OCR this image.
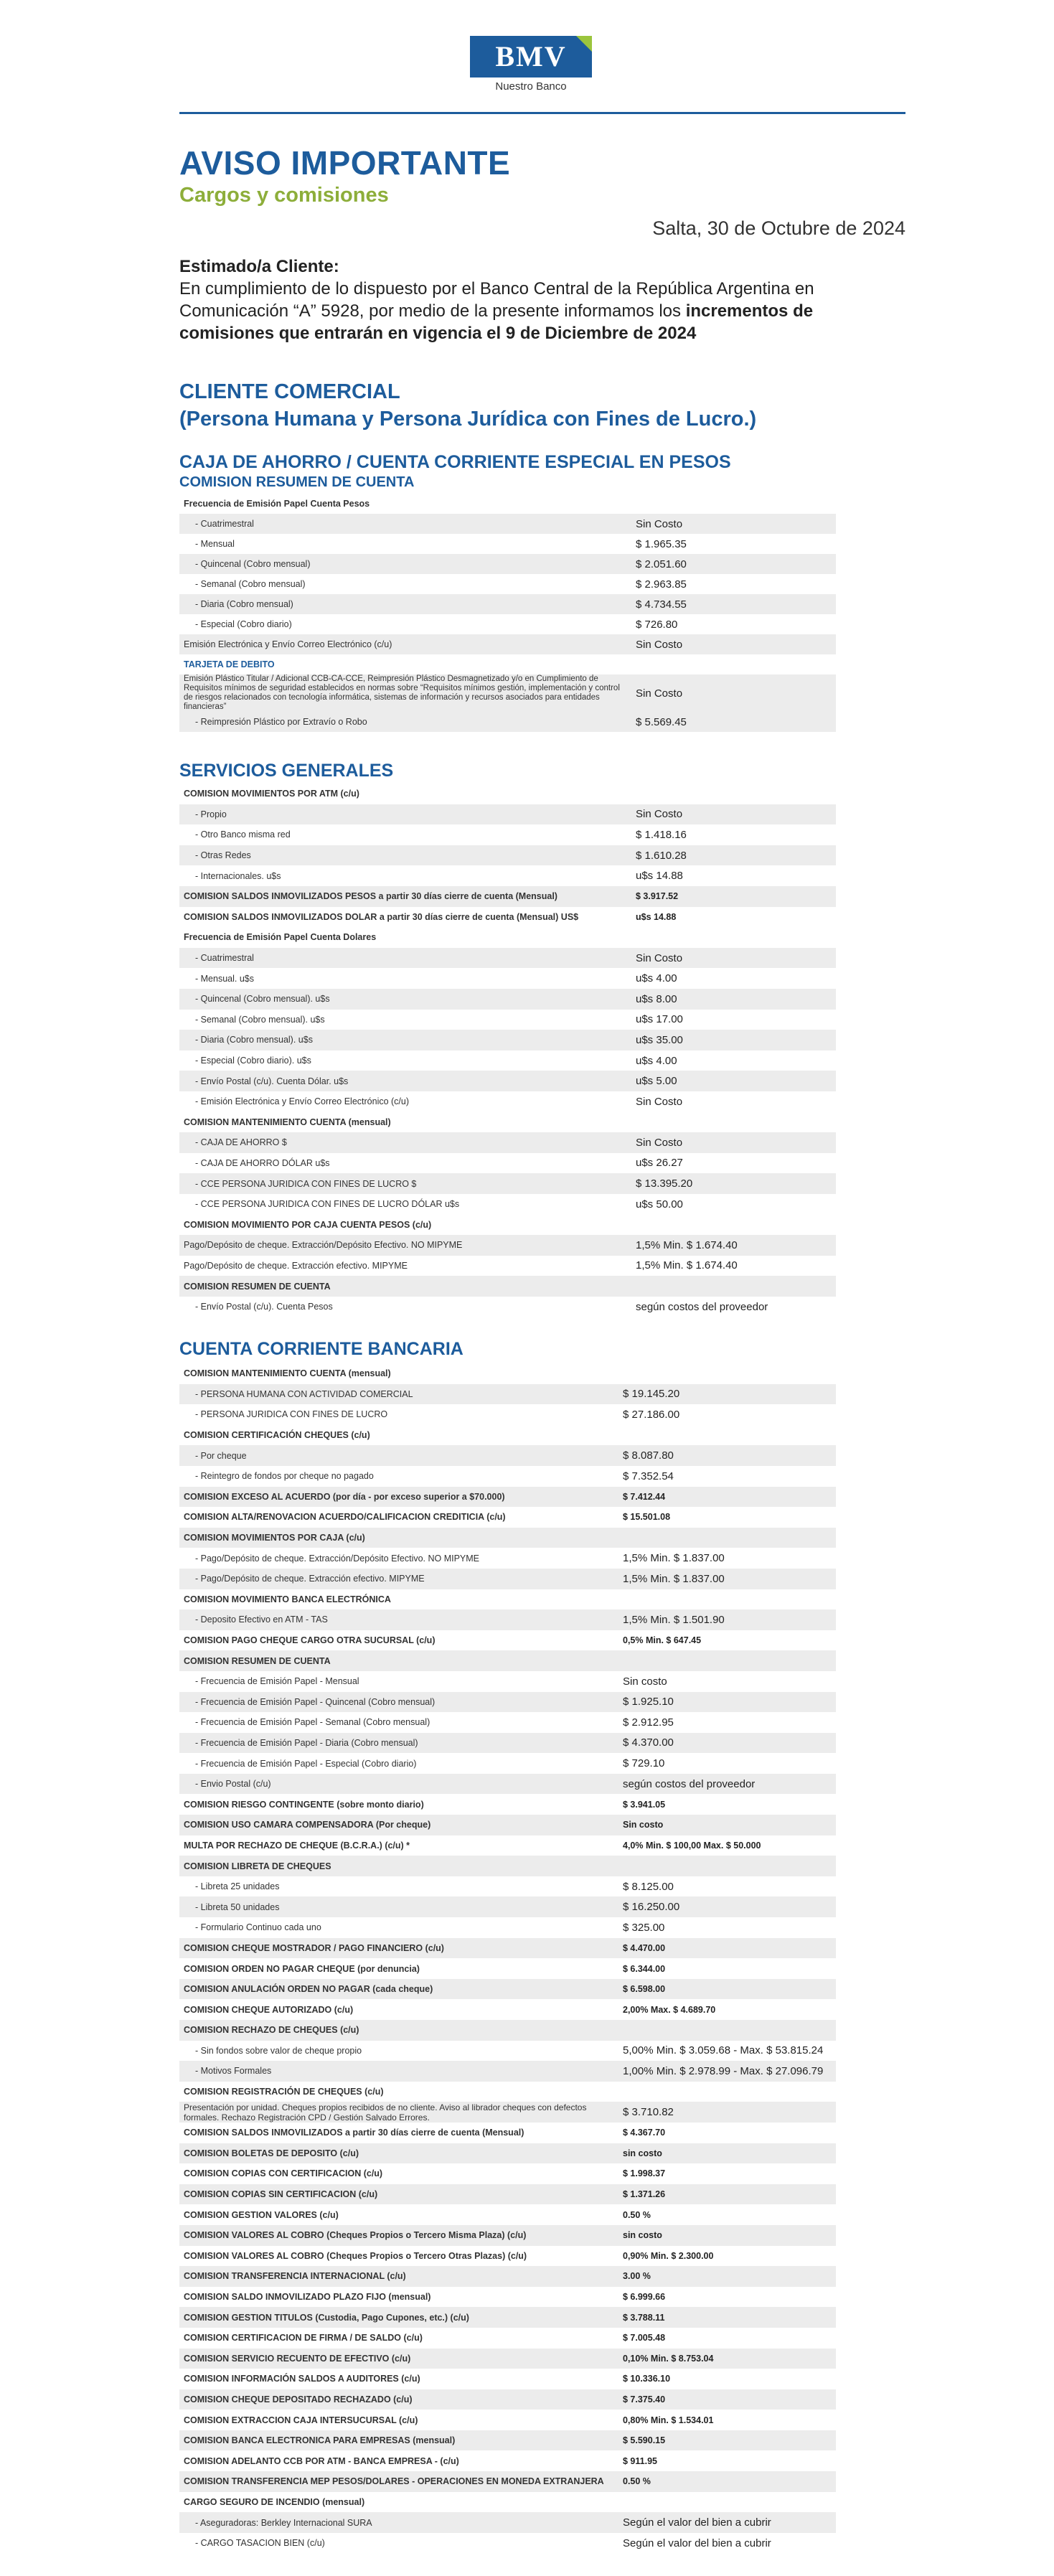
BMV
Nuestro Banco
AVISO IMPORTANTE
Cargos y comisiones
Salta, 30 de Octubre de 2024
Estimado/a Cliente:
En cumplimiento de lo dispuesto por el Banco Central de la República Argentina en Comunicación “A” 5928, por medio de la presente informamos los incrementos de comisiones que entrarán en vigencia el 9 de Diciembre de 2024
CLIENTE COMERCIAL
(Persona Humana y Persona Jurídica con Fines de Lucro.)
CAJA DE AHORRO / CUENTA CORRIENTE ESPECIAL EN PESOS
COMISION RESUMEN DE CUENTA
Frecuencia de Emisión Papel Cuenta Pesos	
- Cuatrimestral	Sin Costo
- Mensual	$ 1.965.35
- Quincenal (Cobro mensual)	$ 2.051.60
- Semanal (Cobro mensual)	$ 2.963.85
- Diaria (Cobro mensual)	$ 4.734.55
- Especial (Cobro diario)	$ 726.80
Emisión Electrónica y Envío Correo Electrónico (c/u)	Sin Costo
TARJETA DE DEBITO	
Emisión Plástico Titular / Adicional CCB-CA-CCE, Reimpresión Plástico Desmagnetizado y/o en Cumplimiento de Requisitos mínimos de seguridad establecidos en normas sobre “Requisitos mínimos gestión, implementación y control de riesgos relacionados con tecnología informática, sistemas de información y recursos asociados para entidades financieras”	Sin Costo
- Reimpresión Plástico por Extravío o Robo	$ 5.569.45
SERVICIOS GENERALES
COMISION MOVIMIENTOS POR ATM (c/u)	
- Propio	Sin Costo
- Otro Banco misma red	$ 1.418.16
- Otras Redes	$ 1.610.28
- Internacionales. u$s	u$s 14.88
COMISION SALDOS INMOVILIZADOS PESOS a partir 30 días cierre de cuenta (Mensual)	$ 3.917.52
COMISION SALDOS INMOVILIZADOS DOLAR a partir 30 días cierre de cuenta (Mensual) US$	u$s 14.88
Frecuencia de Emisión Papel Cuenta Dolares	
- Cuatrimestral	Sin Costo
- Mensual. u$s	u$s 4.00
- Quincenal (Cobro mensual). u$s	u$s 8.00
- Semanal (Cobro mensual). u$s	u$s 17.00
- Diaria (Cobro mensual). u$s	u$s 35.00
- Especial (Cobro diario). u$s	u$s 4.00
- Envío Postal (c/u). Cuenta Dólar. u$s	u$s 5.00
- Emisión Electrónica y Envío Correo Electrónico (c/u)	Sin Costo
COMISION MANTENIMIENTO CUENTA (mensual)	
- CAJA DE AHORRO $	Sin Costo
- CAJA DE AHORRO DÓLAR u$s	u$s 26.27
- CCE PERSONA JURIDICA CON FINES DE LUCRO $	$ 13.395.20
- CCE PERSONA JURIDICA CON FINES DE LUCRO DÓLAR u$s	u$s 50.00
COMISION MOVIMIENTO POR CAJA CUENTA PESOS (c/u)	
Pago/Depósito de cheque. Extracción/Depósito Efectivo. NO MIPYME	1,5% Min. $ 1.674.40
Pago/Depósito de cheque. Extracción efectivo. MIPYME	1,5% Min. $ 1.674.40
COMISION RESUMEN DE CUENTA	
- Envío Postal (c/u). Cuenta Pesos	según costos del proveedor
CUENTA CORRIENTE BANCARIA
COMISION MANTENIMIENTO CUENTA (mensual)	
- PERSONA HUMANA CON ACTIVIDAD COMERCIAL	$ 19.145.20
- PERSONA JURIDICA CON FINES DE LUCRO	$ 27.186.00
COMISION CERTIFICACIÓN CHEQUES (c/u)	
- Por cheque	$ 8.087.80
- Reintegro de fondos por cheque no pagado	$ 7.352.54
COMISION EXCESO AL ACUERDO (por día - por exceso superior a $70.000)	$ 7.412.44
COMISION ALTA/RENOVACION ACUERDO/CALIFICACION CREDITICIA (c/u)	$ 15.501.08
COMISION MOVIMIENTOS POR CAJA (c/u)	
- Pago/Depósito de cheque. Extracción/Depósito Efectivo. NO MIPYME	1,5% Min. $ 1.837.00
- Pago/Depósito de cheque. Extracción efectivo. MIPYME	1,5% Min. $ 1.837.00
COMISION MOVIMIENTO BANCA ELECTRÓNICA	
- Deposito Efectivo en ATM - TAS	1,5% Min. $ 1.501.90
COMISION PAGO CHEQUE CARGO OTRA SUCURSAL (c/u)	0,5% Min. $ 647.45
COMISION RESUMEN DE CUENTA	
- Frecuencia de Emisión Papel - Mensual	Sin costo
- Frecuencia de Emisión Papel - Quincenal (Cobro mensual)	$ 1.925.10
- Frecuencia de Emisión Papel - Semanal (Cobro mensual)	$ 2.912.95
- Frecuencia de Emisión Papel - Diaria (Cobro mensual)	$ 4.370.00
- Frecuencia de Emisión Papel - Especial (Cobro diario)	$ 729.10
- Envio Postal (c/u)	según costos del proveedor
COMISION RIESGO CONTINGENTE (sobre monto diario)	$ 3.941.05
COMISION USO CAMARA COMPENSADORA (Por cheque)	Sin costo
MULTA POR RECHAZO DE CHEQUE (B.C.R.A.) (c/u) *	4,0% Min. $ 100,00 Max. $ 50.000
COMISION LIBRETA DE CHEQUES	
- Libreta 25 unidades	$ 8.125.00
- Libreta 50 unidades	$ 16.250.00
- Formulario Continuo cada uno	$ 325.00
COMISION CHEQUE MOSTRADOR / PAGO FINANCIERO (c/u)	$ 4.470.00
COMISION ORDEN NO PAGAR CHEQUE (por denuncia)	$ 6.344.00
COMISION ANULACIÓN ORDEN NO PAGAR (cada cheque)	$ 6.598.00
COMISION CHEQUE AUTORIZADO (c/u)	2,00% Max. $ 4.689.70
COMISION RECHAZO DE CHEQUES (c/u)	
- Sin fondos sobre valor de cheque propio	5,00% Min. $ 3.059.68 - Max. $ 53.815.24
- Motivos Formales	1,00% Min. $ 2.978.99 - Max. $ 27.096.79
COMISION REGISTRACIÓN DE CHEQUES (c/u)	
Presentación por unidad. Cheques propios recibidos de no cliente. Aviso al librador cheques con defectos formales. Rechazo Registración CPD / Gestión Salvado Errores.	$ 3.710.82
COMISION SALDOS INMOVILIZADOS a partir 30 días cierre de cuenta (Mensual)	$ 4.367.70
COMISION BOLETAS DE DEPOSITO (c/u)	sin costo
COMISION COPIAS CON CERTIFICACION (c/u)	$ 1.998.37
COMISION COPIAS SIN CERTIFICACION (c/u)	$ 1.371.26
COMISION GESTION VALORES (c/u)	0.50 %
COMISION VALORES AL COBRO (Cheques Propios o Tercero Misma Plaza) (c/u)	sin costo
COMISION VALORES AL COBRO (Cheques Propios o Tercero Otras Plazas) (c/u)	0,90% Min. $ 2.300.00
COMISION TRANSFERENCIA INTERNACIONAL (c/u)	3.00 %
COMISION SALDO INMOVILIZADO PLAZO FIJO (mensual)	$ 6.999.66
COMISION GESTION TITULOS (Custodia, Pago Cupones, etc.) (c/u)	$ 3.788.11
COMISION CERTIFICACION DE FIRMA / DE SALDO (c/u)	$ 7.005.48
COMISION SERVICIO RECUENTO DE EFECTIVO (c/u)	0,10% Min. $ 8.753.04
COMISION INFORMACIÓN SALDOS A AUDITORES (c/u)	$ 10.336.10
COMISION CHEQUE DEPOSITADO RECHAZADO (c/u)	$ 7.375.40
COMISION EXTRACCION CAJA INTERSUCURSAL (c/u)	0,80% Min. $ 1.534.01
COMISION BANCA ELECTRONICA PARA EMPRESAS (mensual)	$ 5.590.15
COMISION ADELANTO CCB POR ATM - BANCA EMPRESA - (c/u)	$ 911.95
COMISION TRANSFERENCIA MEP PESOS/DOLARES - OPERACIONES EN MONEDA EXTRANJERA	0.50 %
CARGO SEGURO DE INCENDIO (mensual)	
- Aseguradoras: Berkley Internacional SURA	Según el valor del bien a cubrir
- CARGO TASACION BIEN (c/u)	Según el valor del bien a cubrir
